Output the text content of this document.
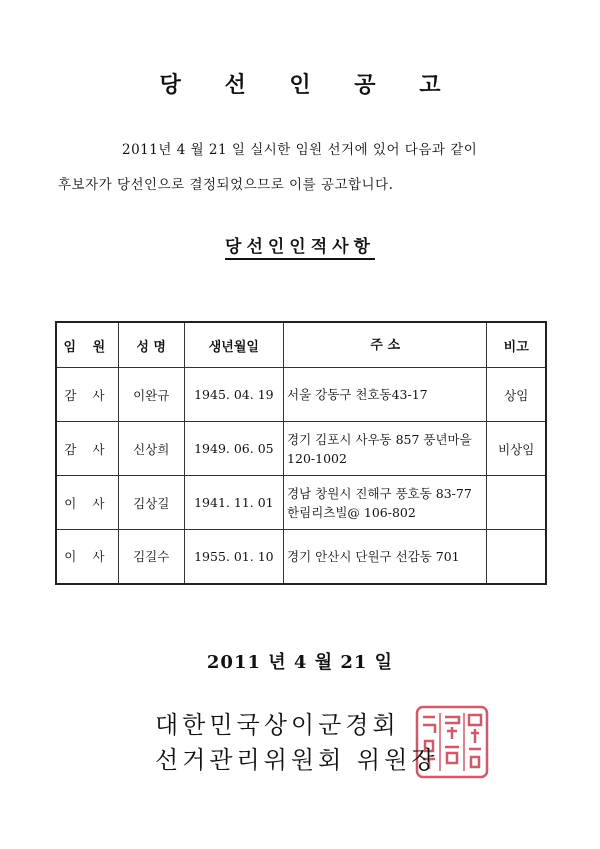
당 선 인 공 고
2011년 4 월 21 일 실시한 임원 선거에 있어 다음과 같이
후보자가 당선인으로 결정되었으므로 이를 공고합니다.
당선인인적사항
임 원	성 명	생년월일	주 소	비고
감 사	이완규	1945. 04. 19	서울 강동구 천호동43-17	상임
감 사	신상희	1949. 06. 05	경기 김포시 사우동 857 풍년마을 120-1002	비상임
이 사	김상길	1941. 11. 01	경남 창원시 진해구 풍호동 83-77 한림리츠빌@ 106-802	
이 사	김길수	1955. 01. 10	경기 안산시 단원구 선감동 701	
2011 년 4 월 21 일
대한민국상이군경회
선거관리위원회 위원장
